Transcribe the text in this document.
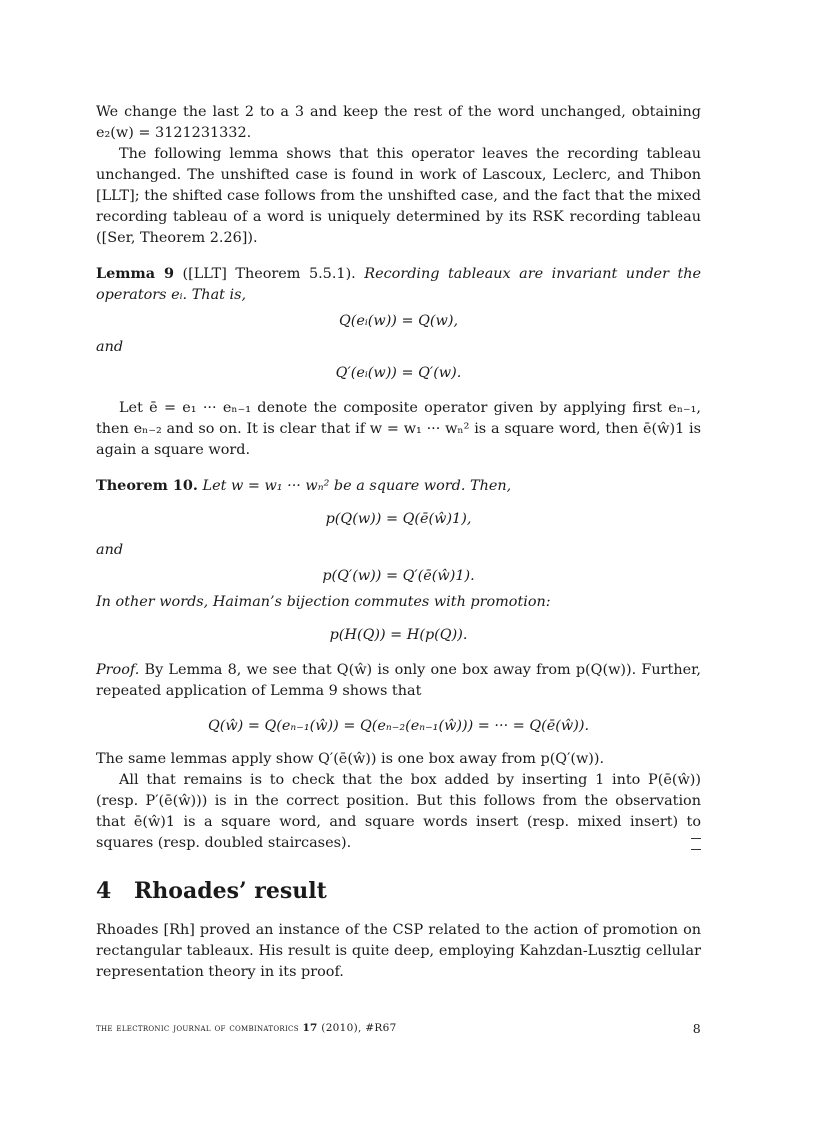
We change the last 2 to a 3 and keep the rest of the word unchanged, obtaining e₂(w) = 3121231332.

The following lemma shows that this operator leaves the recording tableau unchanged. The unshifted case is found in work of Lascoux, Leclerc, and Thibon [LLT]; the shifted case follows from the unshifted case, and the fact that the mixed recording tableau of a word is uniquely determined by its RSK recording tableau ([Ser, Theorem 2.26]).

Lemma 9 ([LLT] Theorem 5.5.1). Recording tableaux are invariant under the operators eᵢ. That is,

Q(eᵢ(w)) = Q(w),

and

Q′(eᵢ(w)) = Q′(w).

Let ē = e₁ ··· eₙ₋₁ denote the composite operator given by applying first eₙ₋₁, then eₙ₋₂ and so on. It is clear that if w = w₁ ··· wₙ² is a square word, then ē(ŵ)1 is again a square word.

Theorem 10. Let w = w₁ ··· wₙ² be a square word. Then,

p(Q(w)) = Q(ē(ŵ)1),

and

p(Q′(w)) = Q′(ē(ŵ)1).

In other words, Haiman’s bijection commutes with promotion:

p(H(Q)) = H(p(Q)).

Proof. By Lemma 8, we see that Q(ŵ) is only one box away from p(Q(w)). Further, repeated application of Lemma 9 shows that

Q(ŵ) = Q(eₙ₋₁(ŵ)) = Q(eₙ₋₂(eₙ₋₁(ŵ))) = ··· = Q(ē(ŵ)).

The same lemmas apply show Q′(ē(ŵ)) is one box away from p(Q′(w)).

All that remains is to check that the box added by inserting 1 into P(ē(ŵ)) (resp. P′(ē(ŵ))) is in the correct position. But this follows from the observation that ē(ŵ)1 is a square word, and square words insert (resp. mixed insert) to squares (resp. doubled staircases).

4 Rhoades’ result

Rhoades [Rh] proved an instance of the CSP related to the action of promotion on rectangular tableaux. His result is quite deep, employing Kahzdan-Lusztig cellular representation theory in its proof.

the electronic journal of combinatorics 17 (2010), #R67	8
